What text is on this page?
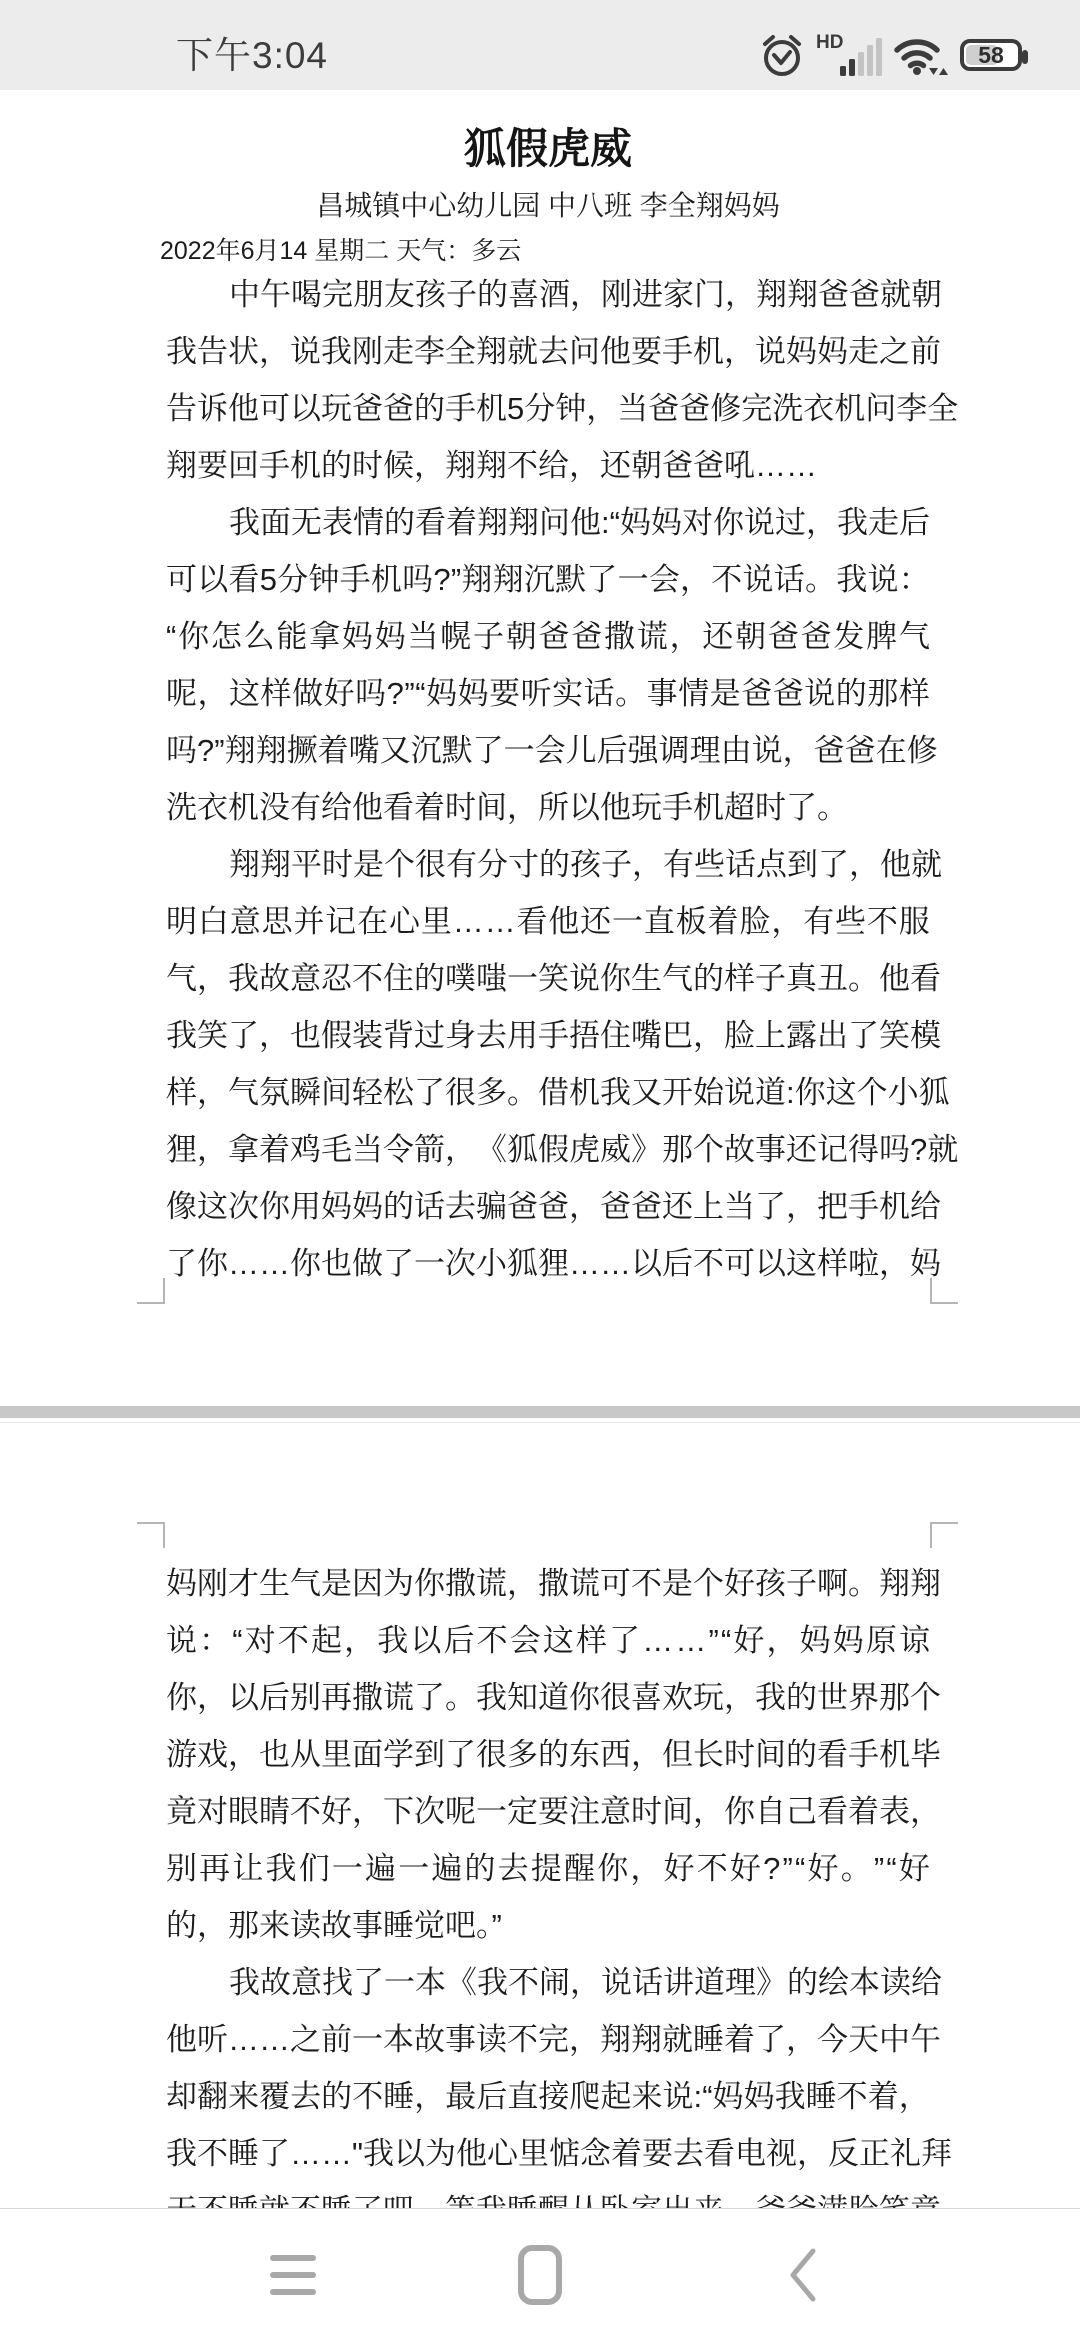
下午3:04	HD	58
狐假虎威
昌城镇中心幼儿园 中八班 李全翔妈妈
2022年6月14 星期二 天气：多云
中 午 喝 完 朋 友 孩 子 的 喜 酒 ， 刚 进 家 门 ， 翔 翔 爸 爸 就 朝
我 告 状 ， 说 我 刚 走 李 全 翔 就 去 问 他 要 手 机 ， 说 妈 妈 走 之 前
告 诉 他 可 以 玩 爸 爸 的 手 机 5 分 钟 ， 当 爸 爸 修 完 洗 衣 机 问 李 全
翔要回手机的时候，翔翔不给，还朝爸爸吼……
我 面 无 表 情 的 看 着 翔 翔 问 他 : “ 妈 妈 对 你 说 过 ， 我 走 后
可 以 看 5 分 钟 手 机 吗 ? ” 翔 翔 沉 默 了 一 会 ， 不 说 话 。 我 说 ：
“ 你 怎 么 能 拿 妈 妈 当 幌 子 朝 爸 爸 撒 谎 ， 还 朝 爸 爸 发 脾 气
呢 ， 这 样 做 好 吗 ? ” “ 妈 妈 要 听 实 话 。 事 情 是 爸 爸 说 的 那 样
吗 ? ” 翔 翔 撅 着 嘴 又 沉 默 了 一 会 儿 后 强 调 理 由 说 ， 爸 爸 在 修
洗衣机没有给他看着时间，所以他玩手机超时了。
翔 翔 平 时 是 个 很 有 分 寸 的 孩 子 ， 有 些 话 点 到 了 ， 他 就
明 白 意 思 并 记 在 心 里 … … 看 他 还 一 直 板 着 脸 ， 有 些 不 服
气 ， 我 故 意 忍 不 住 的 噗 嗤 一 笑 说 你 生 气 的 样 子 真 丑 。 他 看
我 笑 了 ， 也 假 装 背 过 身 去 用 手 捂 住 嘴 巴 ， 脸 上 露 出 了 笑 模
样 ， 气 氛 瞬 间 轻 松 了 很 多 。 借 机 我 又 开 始 说 道 : 你 这 个 小 狐
狸 ， 拿 着 鸡 毛 当 令 箭 ， 《 狐 假 虎 威 》 那 个 故 事 还 记 得 吗 ? 就
像 这 次 你 用 妈 妈 的 话 去 骗 爸 爸 ， 爸 爸 还 上 当 了 ， 把 手 机 给
了 你 … … 你 也 做 了 一 次 小 狐 狸 … … 以 后 不 可 以 这 样 啦 ， 妈
妈 刚 才 生 气 是 因 为 你 撒 谎 ， 撒 谎 可 不 是 个 好 孩 子 啊 。 翔 翔
说 ： “ 对 不 起 ， 我 以 后 不 会 这 样 了 … … ” “ 好 ， 妈 妈 原 谅
你 ， 以 后 别 再 撒 谎 了 。 我 知 道 你 很 喜 欢 玩 ， 我 的 世 界 那 个
游 戏 ， 也 从 里 面 学 到 了 很 多 的 东 西 ， 但 长 时 间 的 看 手 机 毕
竟 对 眼 睛 不 好 ， 下 次 呢 一 定 要 注 意 时 间 ， 你 自 己 看 着 表 ，
别 再 让 我 们 一 遍 一 遍 的 去 提 醒 你 ， 好 不 好 ? ” “ 好 。 ” “ 好
的，那来读故事睡觉吧。”
我 故 意 找 了 一 本 《 我 不 闹 ， 说 话 讲 道 理 》 的 绘 本 读 给
他 听 … … 之 前 一 本 故 事 读 不 完 ， 翔 翔 就 睡 着 了 ， 今 天 中 午
却 翻 来 覆 去 的 不 睡 ， 最 后 直 接 爬 起 来 说 : “ 妈 妈 我 睡 不 着 ，
我 不 睡 了 … … " 我 以 为 他 心 里 惦 念 着 要 去 看 电 视 ， 反 正 礼 拜
